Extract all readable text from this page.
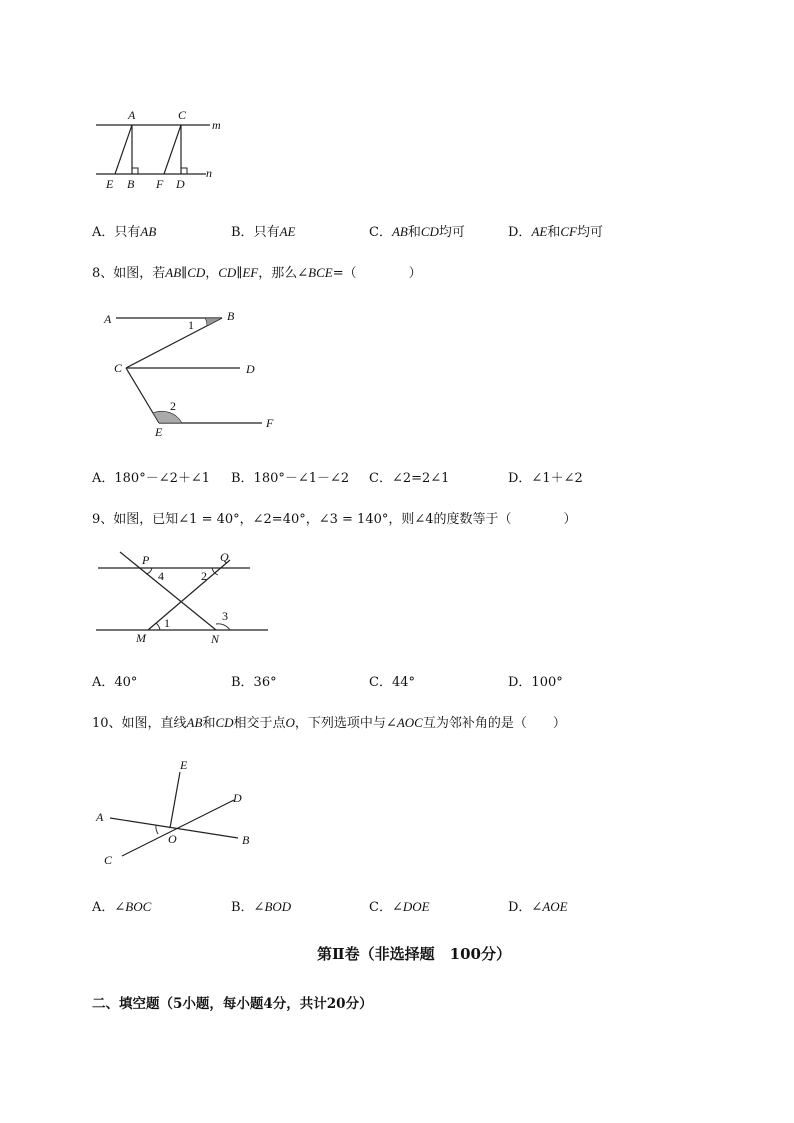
A	C
m
n
E B F D
A．只有AB	B．只有AE	C．AB和CD均可	D．AE和CF均可
8、如图，若AB∥CD，CD∥EF，那么∠BCE=（　　　　）
A	B
1
C	D
2
E
F
A．180°－∠2＋∠1 B．180°－∠1－∠2 C．∠2=2∠1	D．∠1＋∠2
9、如图，已知∠1 = 40°，∠2=40°，∠3 = 140°，则∠4的度数等于（　　　　）
P	Q
4	2
3
M
1
N
A．40°	B．36°	C．44°	D．100°
10、如图，直线AB和CD相交于点O，下列选项中与∠AOC互为邻补角的是（　　）
E
D
A
O	B
C
A．∠BOC	B．∠BOD	C．∠DOE	D．∠AOE
第Ⅱ卷（非选择题　100分）
二、填空题（5小题，每小题4分，共计20分）
